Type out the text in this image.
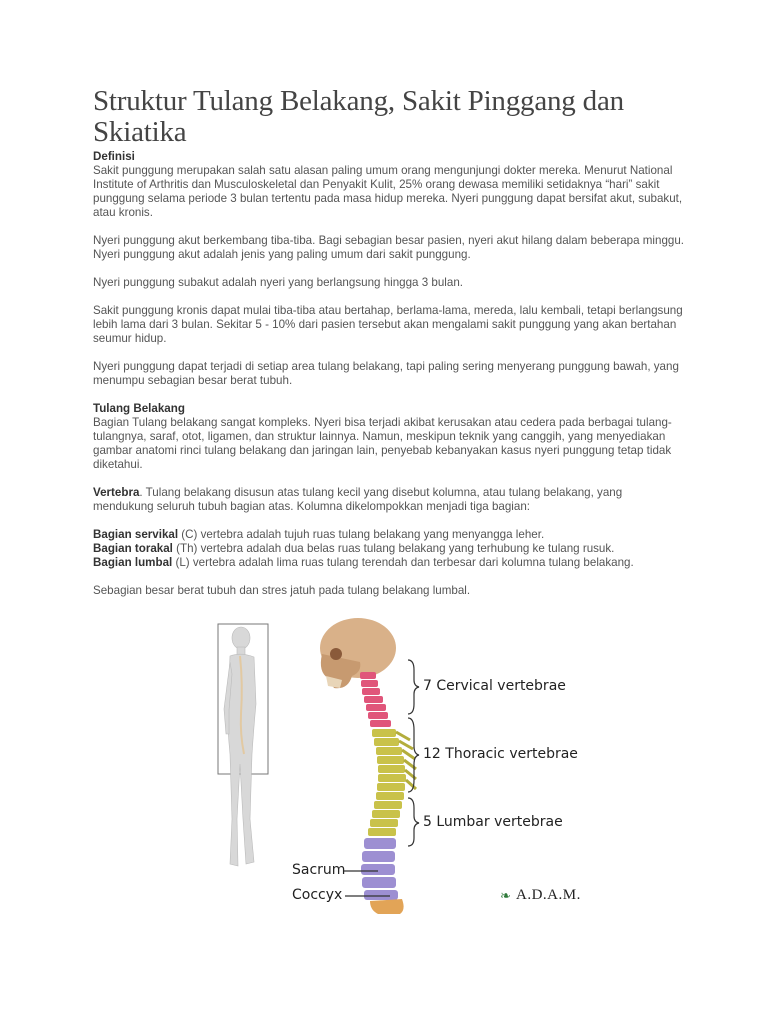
Struktur Tulang Belakang, Sakit Pinggang dan Skiatika
Definisi

Sakit punggung merupakan salah satu alasan paling umum orang mengunjungi dokter mereka. Menurut National Institute of Arthritis dan Musculoskeletal dan Penyakit Kulit, 25% orang dewasa memiliki setidaknya “hari” sakit punggung selama periode 3 bulan tertentu pada masa hidup mereka. Nyeri punggung dapat bersifat akut, subakut, atau kronis.

Nyeri punggung akut berkembang tiba-tiba. Bagi sebagian besar pasien, nyeri akut hilang dalam beberapa minggu. Nyeri punggung akut adalah jenis yang paling umum dari sakit punggung.

Nyeri punggung subakut adalah nyeri yang berlangsung hingga 3 bulan.

Sakit punggung kronis dapat mulai tiba-tiba atau bertahap, berlama-lama, mereda, lalu kembali, tetapi berlangsung lebih lama dari 3 bulan. Sekitar 5 - 10% dari pasien tersebut akan mengalami sakit punggung yang akan bertahan seumur hidup.

Nyeri punggung dapat terjadi di setiap area tulang belakang, tapi paling sering menyerang punggung bawah, yang menumpu sebagian besar berat tubuh.

Tulang Belakang

Bagian Tulang belakang sangat kompleks. Nyeri bisa terjadi akibat kerusakan atau cedera pada berbagai tulang-tulangnya, saraf, otot, ligamen, dan struktur lainnya. Namun, meskipun teknik yang canggih, yang menyediakan gambar anatomi rinci tulang belakang dan jaringan lain, penyebab kebanyakan kasus nyeri punggung tetap tidak diketahui.

Vertebra. Tulang belakang disusun atas tulang kecil yang disebut kolumna, atau tulang belakang, yang mendukung seluruh tubuh bagian atas. Kolumna dikelompokkan menjadi tiga bagian:

Bagian servikal (C) vertebra adalah tujuh ruas tulang belakang yang menyangga leher.
Bagian torakal (Th) vertebra adalah dua belas ruas tulang belakang yang terhubung ke tulang rusuk.
Bagian lumbal (L) vertebra adalah lima ruas tulang terendah dan terbesar dari kolumna tulang belakang.

Sebagian besar berat tubuh dan stres jatuh pada tulang belakang lumbal.

7 Cervical vertebrae
12 Thoracic vertebrae
5 Lumbar vertebrae
Sacrum
Coccyx	❧ A.D.A.M.
